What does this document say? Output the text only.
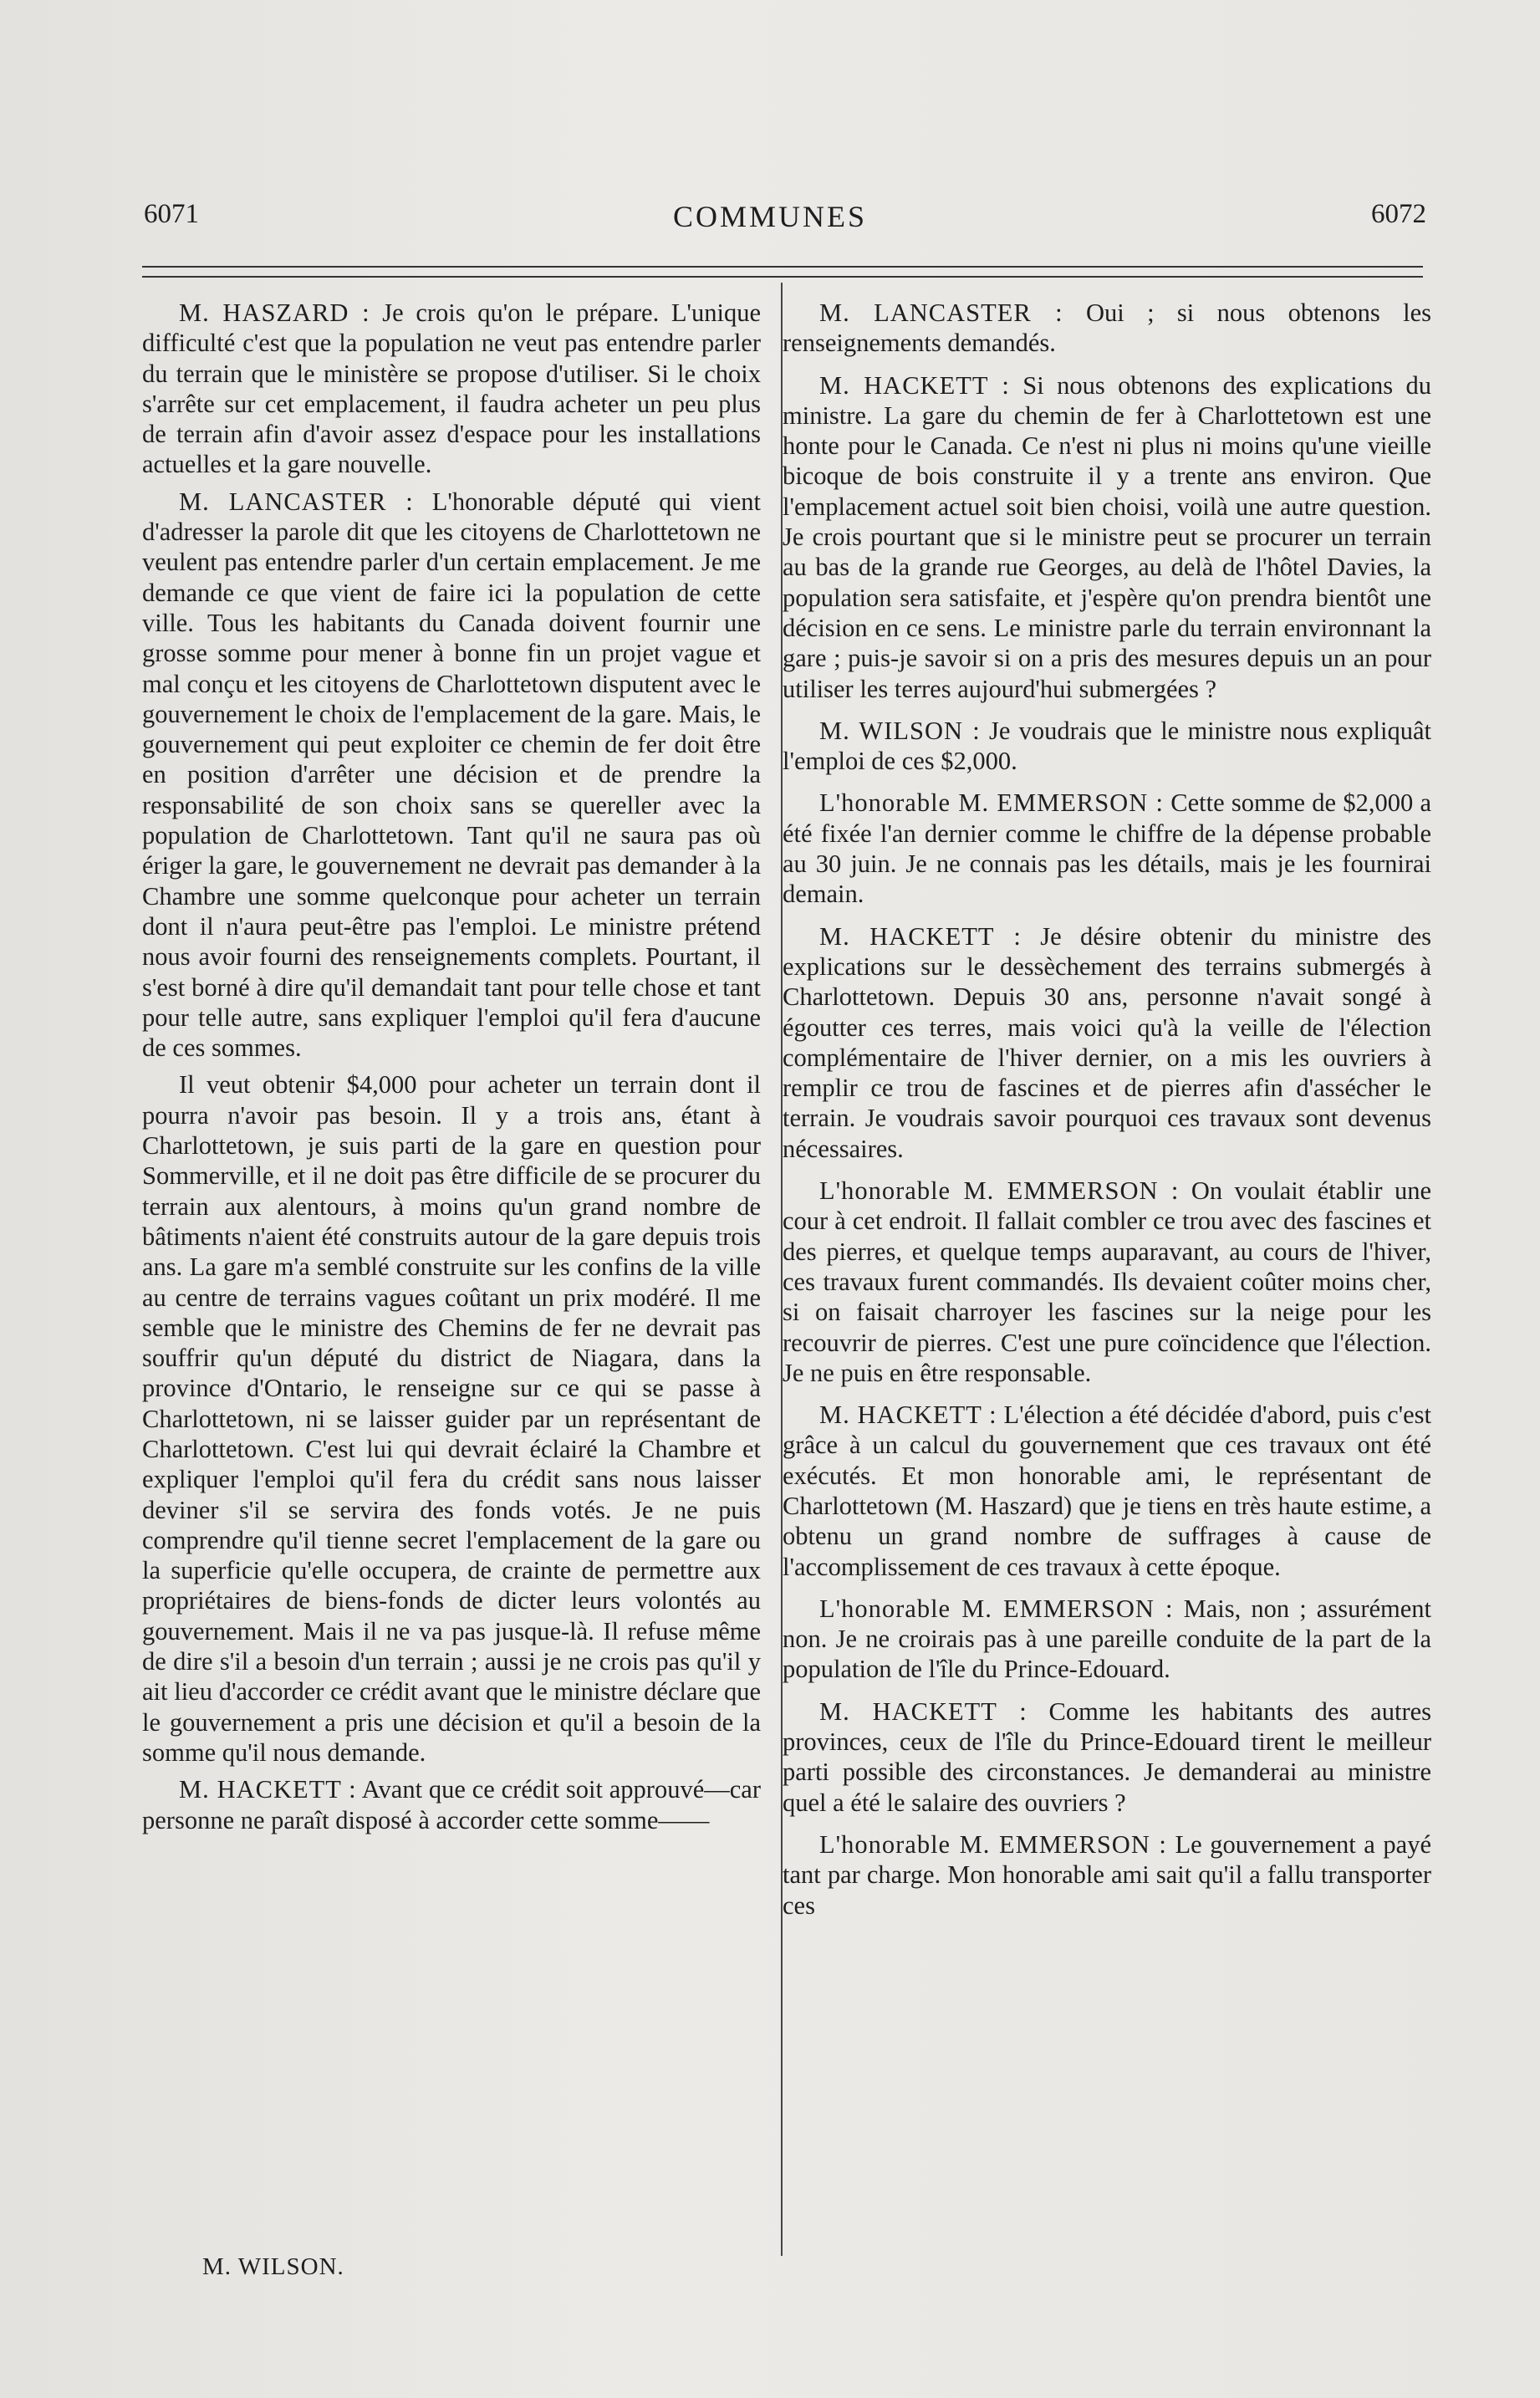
6071	COMMUNES	6072

M. HASZARD : Je crois qu'on le prépare. L'unique difficulté c'est que la population ne veut pas entendre parler du terrain que le ministère se propose d'utiliser. Si le choix s'arrête sur cet emplacement, il faudra acheter un peu plus de terrain afin d'avoir assez d'espace pour les installations actuelles et la gare nouvelle.

M. LANCASTER : L'honorable député qui vient d'adresser la parole dit que les citoyens de Charlottetown ne veulent pas entendre parler d'un certain emplacement. Je me demande ce que vient de faire ici la population de cette ville. Tous les habitants du Canada doivent fournir une grosse somme pour mener à bonne fin un projet vague et mal conçu et les citoyens de Charlottetown disputent avec le gouvernement le choix de l'emplacement de la gare. Mais, le gouvernement qui peut exploiter ce chemin de fer doit être en position d'arrêter une décision et de prendre la responsabilité de son choix sans se quereller avec la population de Charlottetown. Tant qu'il ne saura pas où ériger la gare, le gouvernement ne devrait pas demander à la Chambre une somme quelconque pour acheter un terrain dont il n'aura peut-être pas l'emploi. Le ministre prétend nous avoir fourni des renseignements complets. Pourtant, il s'est borné à dire qu'il demandait tant pour telle chose et tant pour telle autre, sans expliquer l'emploi qu'il fera d'aucune de ces sommes.

Il veut obtenir $4,000 pour acheter un terrain dont il pourra n'avoir pas besoin. Il y a trois ans, étant à Charlottetown, je suis parti de la gare en question pour Sommerville, et il ne doit pas être difficile de se procurer du terrain aux alentours, à moins qu'un grand nombre de bâtiments n'aient été construits autour de la gare depuis trois ans. La gare m'a semblé construite sur les confins de la ville au centre de terrains vagues coûtant un prix modéré. Il me semble que le ministre des Chemins de fer ne devrait pas souffrir qu'un député du district de Niagara, dans la province d'Ontario, le renseigne sur ce qui se passe à Charlottetown, ni se laisser guider par un représentant de Charlottetown. C'est lui qui devrait éclairé la Chambre et expliquer l'emploi qu'il fera du crédit sans nous laisser deviner s'il se servira des fonds votés. Je ne puis comprendre qu'il tienne secret l'emplacement de la gare ou la superficie qu'elle occupera, de crainte de permettre aux propriétaires de biens-fonds de dicter leurs volontés au gouvernement. Mais il ne va pas jusque-là. Il refuse même de dire s'il a besoin d'un terrain ; aussi je ne crois pas qu'il y ait lieu d'accorder ce crédit avant que le ministre déclare que le gouvernement a pris une décision et qu'il a besoin de la somme qu'il nous demande.

M. HACKETT : Avant que ce crédit soit approuvé—car personne ne paraît disposé à accorder cette somme——

M. WILSON.

M. LANCASTER : Oui ; si nous obtenons les renseignements demandés.

M. HACKETT : Si nous obtenons des explications du ministre. La gare du chemin de fer à Charlottetown est une honte pour le Canada. Ce n'est ni plus ni moins qu'une vieille bicoque de bois construite il y a trente ans environ. Que l'emplacement actuel soit bien choisi, voilà une autre question. Je crois pourtant que si le ministre peut se procurer un terrain au bas de la grande rue Georges, au delà de l'hôtel Davies, la population sera satisfaite, et j'espère qu'on prendra bientôt une décision en ce sens. Le ministre parle du terrain environnant la gare ; puis-je savoir si on a pris des mesures depuis un an pour utiliser les terres aujourd'hui submergées ?

M. WILSON : Je voudrais que le ministre nous expliquât l'emploi de ces $2,000.

L'honorable M. EMMERSON : Cette somme de $2,000 a été fixée l'an dernier comme le chiffre de la dépense probable au 30 juin. Je ne connais pas les détails, mais je les fournirai demain.

M. HACKETT : Je désire obtenir du ministre des explications sur le dessèchement des terrains submergés à Charlottetown. Depuis 30 ans, personne n'avait songé à égoutter ces terres, mais voici qu'à la veille de l'élection complémentaire de l'hiver dernier, on a mis les ouvriers à remplir ce trou de fascines et de pierres afin d'assécher le terrain. Je voudrais savoir pourquoi ces travaux sont devenus nécessaires.

L'honorable M. EMMERSON : On voulait établir une cour à cet endroit. Il fallait combler ce trou avec des fascines et des pierres, et quelque temps auparavant, au cours de l'hiver, ces travaux furent commandés. Ils devaient coûter moins cher, si on faisait charroyer les fascines sur la neige pour les recouvrir de pierres. C'est une pure coïncidence que l'élection. Je ne puis en être responsable.

M. HACKETT : L'élection a été décidée d'abord, puis c'est grâce à un calcul du gouvernement que ces travaux ont été exécutés. Et mon honorable ami, le représentant de Charlottetown (M. Haszard) que je tiens en très haute estime, a obtenu un grand nombre de suffrages à cause de l'accomplissement de ces travaux à cette époque.

L'honorable M. EMMERSON : Mais, non ; assurément non. Je ne croirais pas à une pareille conduite de la part de la population de l'île du Prince-Edouard.

M. HACKETT : Comme les habitants des autres provinces, ceux de l'île du Prince-Edouard tirent le meilleur parti possible des circonstances. Je demanderai au ministre quel a été le salaire des ouvriers ?

L'honorable M. EMMERSON : Le gouvernement a payé tant par charge. Mon honorable ami sait qu'il a fallu transporter ces
